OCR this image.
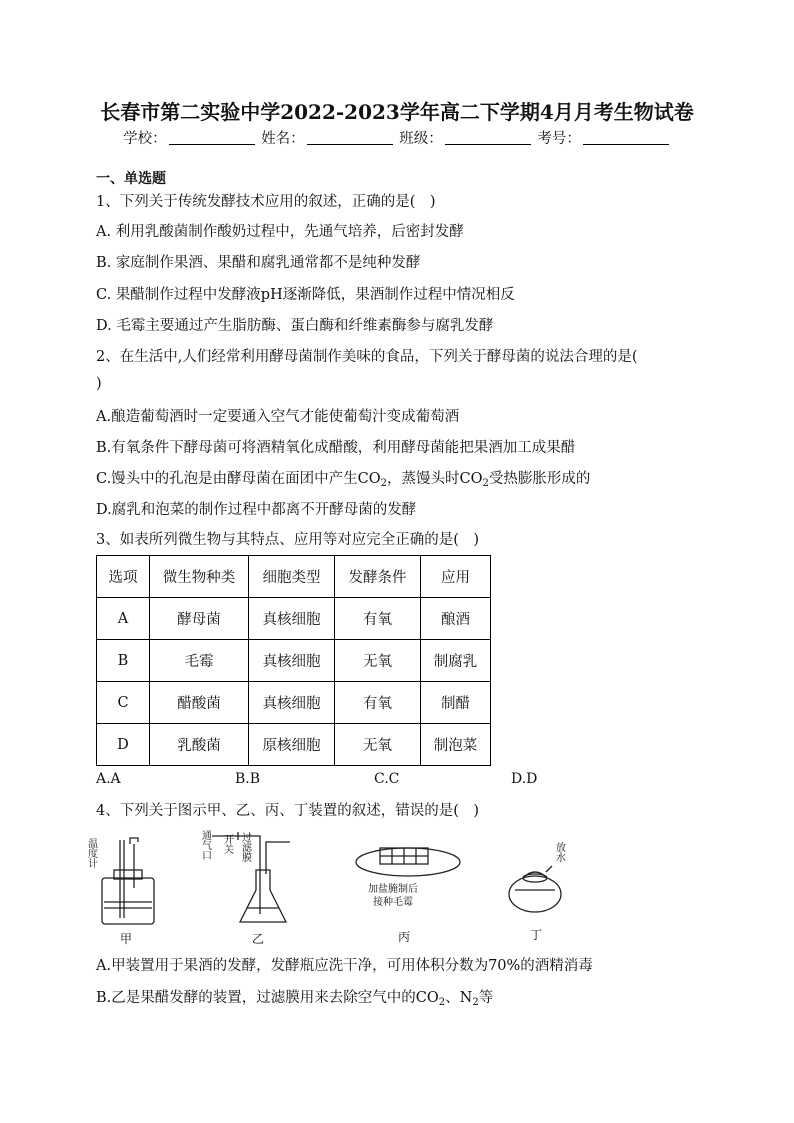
长春市第二实验中学2022-2023学年高二下学期4月月考生物试卷
学校：	姓名：	班级：	考号：
一、单选题
1、下列关于传统发酵技术应用的叙述，正确的是(　)
A. 利用乳酸菌制作酸奶过程中，先通气培养，后密封发酵
B. 家庭制作果酒、果醋和腐乳通常都不是纯种发酵
C. 果醋制作过程中发酵液pH逐渐降低，果酒制作过程中情况相反
D. 毛霉主要通过产生脂肪酶、蛋白酶和纤维素酶参与腐乳发酵
2、在生活中,人们经常利用酵母菌制作美味的食品，下列关于酵母菌的说法合理的是(
)
A.酿造葡萄酒时一定要通入空气才能使葡萄汁变成葡萄酒
B.有氧条件下酵母菌可将酒精氧化成醋酸，利用酵母菌能把果酒加工成果醋
C.馒头中的孔泡是由酵母菌在面团中产生$CO_2$，蒸馒头时$CO_2$受热膨胀形成的
D.腐乳和泡菜的制作过程中都离不开酵母菌的发酵
3、如表所列微生物与其特点、应用等对应完全正确的是(　)
选项	微生物种类	细胞类型	发酵条件	应用
A	酵母菌	真核细胞	有氧	酿酒
B	毛霉	真核细胞	无氧	制腐乳
C	醋酸菌	真核细胞	有氧	制醋
D	乳酸菌	原核细胞	无氧	制泡菜
A.A	B.B	C.C	D.D
4、下列关于图示甲、乙、丙、丁装置的叙述，错误的是(　)
温度计
通气口
开关
过滤膜
加盐腌制后
接种毛霉
放水
甲	乙	丙	丁
A.甲装置用于果酒的发酵，发酵瓶应洗干净，可用体积分数为70%的酒精消毒
B.乙是果醋发酵的装置，过滤膜用来去除空气中的$CO_2$、$N_2$等
